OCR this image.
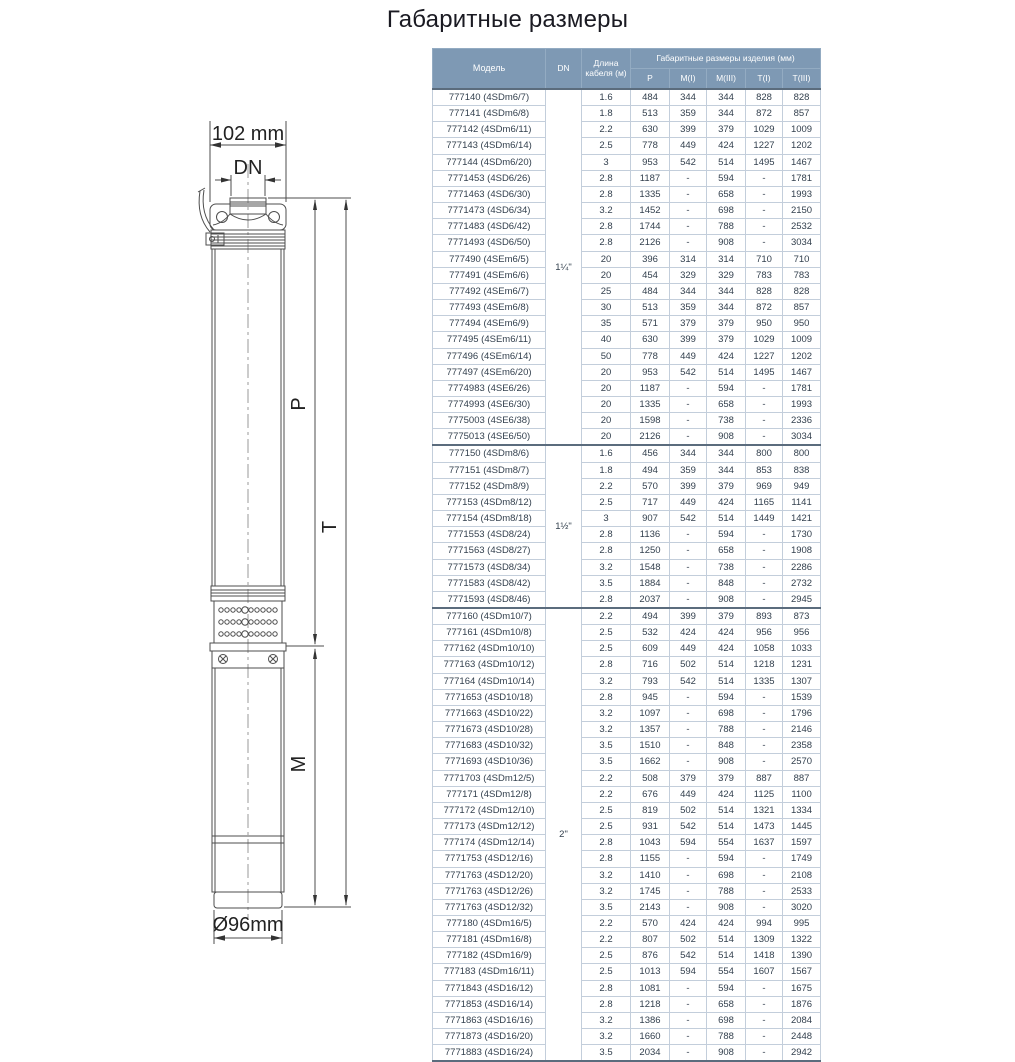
Габаритные размеры
102 mm
DN
P
T
M
Ø96mm
Модель	DN	Длина кабеля (м)	Габаритные размеры изделия (мм)				
			P	M(I)	M(III)	T(I)	T(III)
777140 (4SDm6/7)	1¼"	1.6	484	344	344	828	828
777141 (4SDm6/8)		1.8	513	359	344	872	857
777142 (4SDm6/11)		2.2	630	399	379	1029	1009
777143 (4SDm6/14)		2.5	778	449	424	1227	1202
777144 (4SDm6/20)		3	953	542	514	1495	1467
7771453 (4SD6/26)		2.8	1187	-	594	-	1781
7771463 (4SD6/30)		2.8	1335	-	658	-	1993
7771473 (4SD6/34)		3.2	1452	-	698	-	2150
7771483 (4SD6/42)		2.8	1744	-	788	-	2532
7771493 (4SD6/50)		2.8	2126	-	908	-	3034
777490 (4SEm6/5)		20	396	314	314	710	710
777491 (4SEm6/6)		20	454	329	329	783	783
777492 (4SEm6/7)		25	484	344	344	828	828
777493 (4SEm6/8)		30	513	359	344	872	857
777494 (4SEm6/9)		35	571	379	379	950	950
777495 (4SEm6/11)		40	630	399	379	1029	1009
777496 (4SEm6/14)		50	778	449	424	1227	1202
777497 (4SEm6/20)		20	953	542	514	1495	1467
7774983 (4SE6/26)		20	1187	-	594	-	1781
7774993 (4SE6/30)		20	1335	-	658	-	1993
7775003 (4SE6/38)		20	1598	-	738	-	2336
7775013 (4SE6/50)		20	2126	-	908	-	3034
777150 (4SDm8/6)	1½"	1.6	456	344	344	800	800
777151 (4SDm8/7)		1.8	494	359	344	853	838
777152 (4SDm8/9)		2.2	570	399	379	969	949
777153 (4SDm8/12)		2.5	717	449	424	1165	1141
777154 (4SDm8/18)		3	907	542	514	1449	1421
7771553 (4SD8/24)		2.8	1136	-	594	-	1730
7771563 (4SD8/27)		2.8	1250	-	658	-	1908
7771573 (4SD8/34)		3.2	1548	-	738	-	2286
7771583 (4SD8/42)		3.5	1884	-	848	-	2732
7771593 (4SD8/46)		2.8	2037	-	908	-	2945
777160 (4SDm10/7)	2"	2.2	494	399	379	893	873
777161 (4SDm10/8)		2.5	532	424	424	956	956
777162 (4SDm10/10)		2.5	609	449	424	1058	1033
777163 (4SDm10/12)		2.8	716	502	514	1218	1231
777164 (4SDm10/14)		3.2	793	542	514	1335	1307
7771653 (4SD10/18)		2.8	945	-	594	-	1539
7771663 (4SD10/22)		3.2	1097	-	698	-	1796
7771673 (4SD10/28)		3.2	1357	-	788	-	2146
7771683 (4SD10/32)		3.5	1510	-	848	-	2358
7771693 (4SD10/36)		3.5	1662	-	908	-	2570
7771703 (4SDm12/5)		2.2	508	379	379	887	887
777171 (4SDm12/8)		2.2	676	449	424	1125	1100
777172 (4SDm12/10)		2.5	819	502	514	1321	1334
777173 (4SDm12/12)		2.5	931	542	514	1473	1445
777174 (4SDm12/14)		2.8	1043	594	554	1637	1597
7771753 (4SD12/16)		2.8	1155	-	594	-	1749
7771763 (4SD12/20)		3.2	1410	-	698	-	2108
7771763 (4SD12/26)		3.2	1745	-	788	-	2533
7771763 (4SD12/32)		3.5	2143	-	908	-	3020
777180 (4SDm16/5)		2.2	570	424	424	994	995
777181 (4SDm16/8)		2.2	807	502	514	1309	1322
777182 (4SDm16/9)		2.5	876	542	514	1418	1390
777183 (4SDm16/11)		2.5	1013	594	554	1607	1567
7771843 (4SD16/12)		2.8	1081	-	594	-	1675
7771853 (4SD16/14)		2.8	1218	-	658	-	1876
7771863 (4SD16/16)		3.2	1386	-	698	-	2084
7771873 (4SD16/20)		3.2	1660	-	788	-	2448
7771883 (4SD16/24)		3.5	2034	-	908	-	2942
